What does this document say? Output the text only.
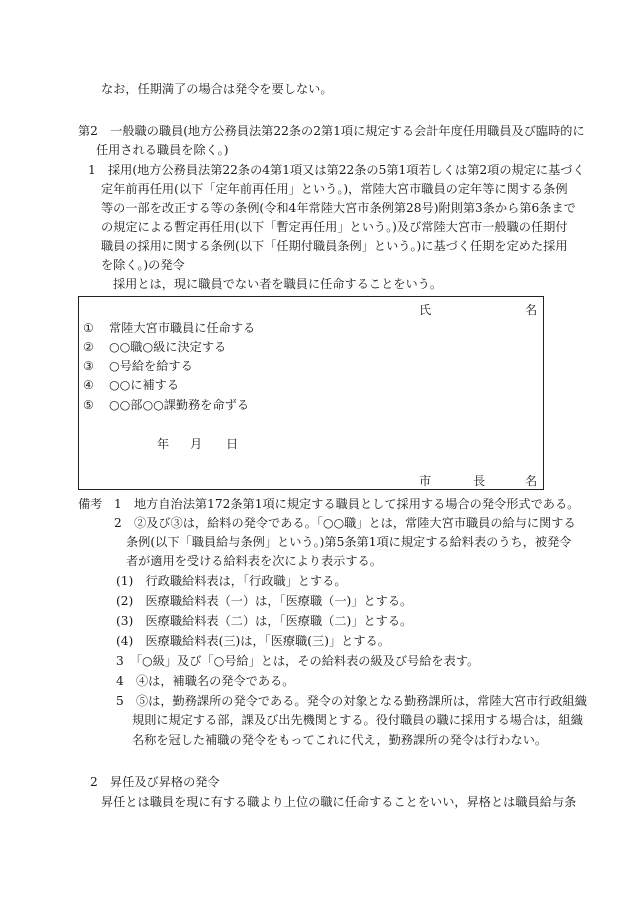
なお，任期満了の場合は発令を要しない。
第2　一般職の職員(地方公務員法第22条の2第1項に規定する会計年度任用職員及び臨時的に
任用される職員を除く。)
1　採用(地方公務員法第22条の4第1項又は第22条の5第1項若しくは第2項の規定に基づく
定年前再任用(以下「定年前再任用」という。)，常陸大宮市職員の定年等に関する条例
等の一部を改正する等の条例(令和4年常陸大宮市条例第28号)附則第3条から第6条まで
の規定による暫定再任用(以下「暫定再任用」という。)及び常陸大宮市一般職の任期付
職員の採用に関する条例(以下「任期付職員条例」という。)に基づく任期を定めた採用
を除く。)の発令
採用とは，現に職員でない者を職員に任命することをいう。
氏	名
① 常陸大宮市職員に任命する
② ○○職○級に決定する
③ ○号給を給する
④ ○○に補する
⑤ ○○部○○課勤務を命ずる
年 月 日
市	長	名
備考 1　地方自治法第172条第1項に規定する職員として採用する場合の発令形式である。
2　②及び③は，給料の発令である。「○○職」とは，常陸大宮市職員の給与に関する
条例(以下「職員給与条例」という。)第5条第1項に規定する給料表のうち，被発令
者が適用を受ける給料表を次により表示する。
(1)　行政職給料表は，「行政職」とする。
(2)　医療職給料表（一）は，「医療職（一)」とする。
(3)　医療職給料表（二）は，「医療職（二)」とする。
(4)　医療職給料表(三)は，「医療職(三)」とする。
3　「○級」及び「○号給」とは，その給料表の級及び号給を表す。
4　④は，補職名の発令である。
5　⑤は，勤務課所の発令である。発令の対象となる勤務課所は，常陸大宮市行政組織
規則に規定する部，課及び出先機関とする。役付職員の職に採用する場合は，組織
名称を冠した補職の発令をもってこれに代え，勤務課所の発令は行わない。
2　昇任及び昇格の発令
昇任とは職員を現に有する職より上位の職に任命することをいい，昇格とは職員給与条
